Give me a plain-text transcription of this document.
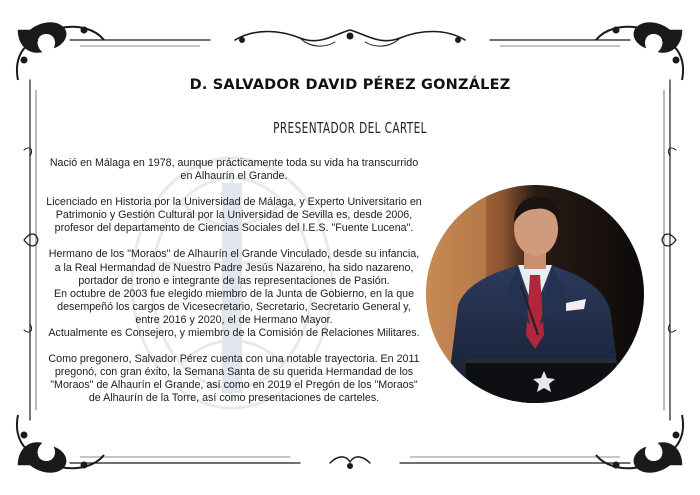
D. SALVADOR DAVID PÉREZ GONZÁLEZ
PRESENTADOR DEL CARTEL

Nació en Málaga en 1978, aunque prácticamente toda su vida ha transcurrido
en Alhaurín el Grande.

Licenciado en Historia por la Universidad de Málaga, y Experto Universitario en
Patrimonio y Gestión Cultural por la Universidad de Sevilla es, desde 2006,
profesor del departamento de Ciencias Sociales del I.E.S. "Fuente Lucena".

Hermano de los "Moraos" de Alhaurín el Grande Vinculado, desde su infancia,
a la Real Hermandad de Nuestro Padre Jesús Nazareno, ha sido nazareno,
portador de trono e integrante de las representaciones de Pasión.
En octubre de 2003 fue elegido miembro de la Junta de Gobierno, en la que
desempeñó los cargos de Vicesecretario, Secretario, Secretario General y,
entre 2016 y 2020, el de Hermano Mayor.
Actualmente es Consejero, y miembro de la Comisión de Relaciones Militares.

Como pregonero, Salvador Pérez cuenta con una notable trayectoria. En 2011
pregonó, con gran éxito, la Semana Santa de su querida Hermandad de los
"Moraos" de Alhaurín el Grande, así como en 2019 el Pregón de los "Moraos"
de Alhaurín de la Torre, así como presentaciones de carteles.
